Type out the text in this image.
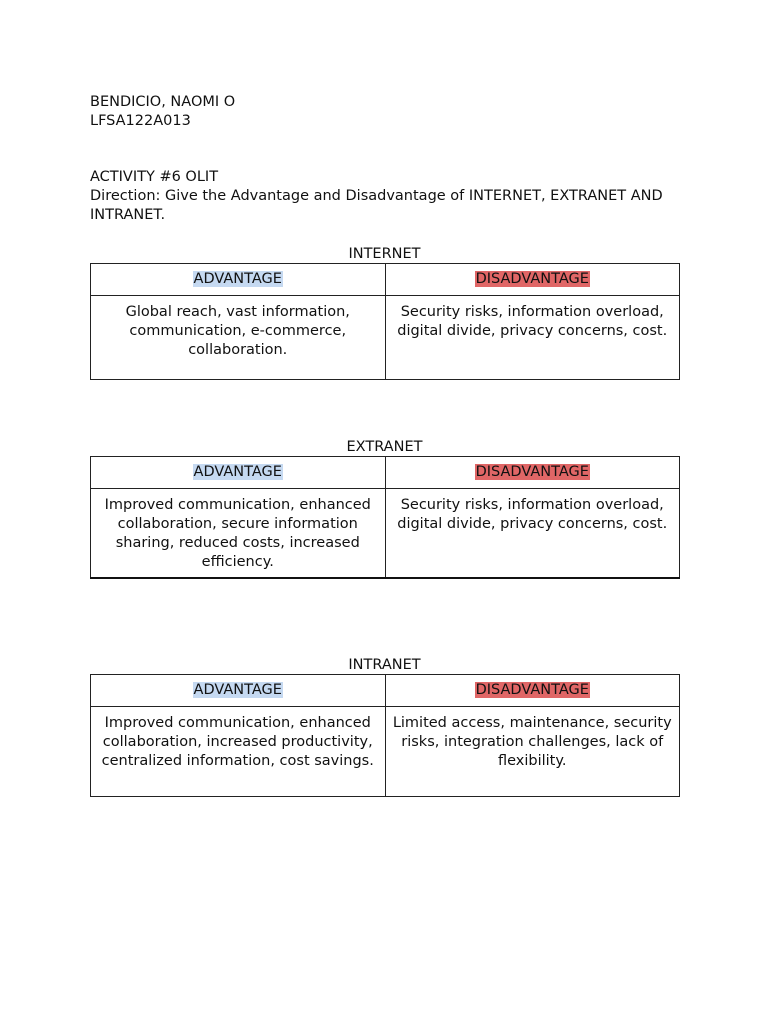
BENDICIO, NAOMI O

LFSA122A013

ACTIVITY #6 OLIT

Direction: Give the Advantage and Disadvantage of INTERNET, EXTRANET AND INTRANET.

INTERNET

ADVANTAGE	DISADVANTAGE
Global reach, vast information, communication, e-commerce, collaboration.	Security risks, information overload, digital divide, privacy concerns, cost.

EXTRANET

ADVANTAGE	DISADVANTAGE
Improved communication, enhanced collaboration, secure information sharing, reduced costs, increased efficiency.	Security risks, information overload, digital divide, privacy concerns, cost.

INTRANET

ADVANTAGE	DISADVANTAGE
Improved communication, enhanced collaboration, increased productivity, centralized information, cost savings.	Limited access, maintenance, security risks, integration challenges, lack of flexibility.
